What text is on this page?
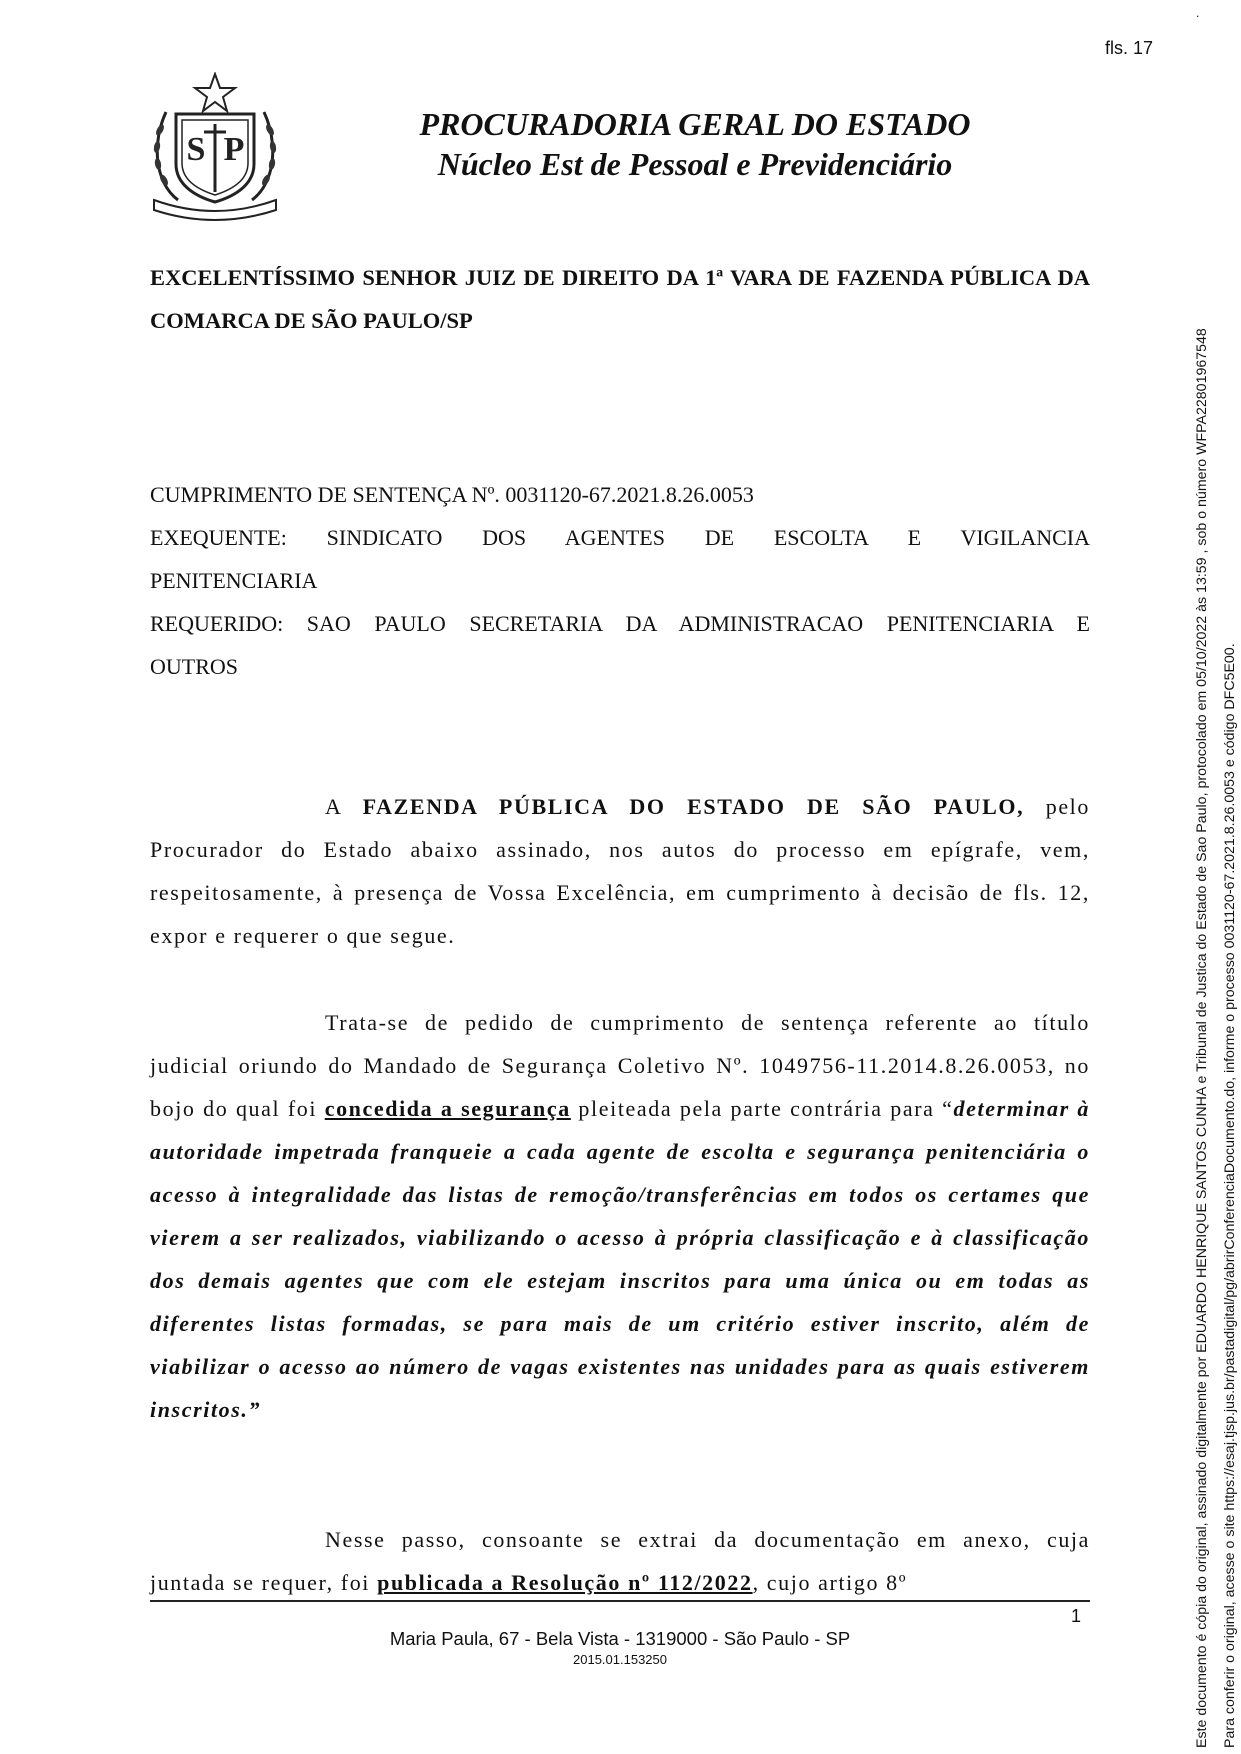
fls. 17
S P
PROCURADORIA GERAL DO ESTADO
Núcleo Est de Pessoal e Previdenciário
EXCELENTÍSSIMO SENHOR JUIZ DE DIREITO DA 1ª VARA DE FAZENDA PÚBLICA DA COMARCA DE SÃO PAULO/SP
CUMPRIMENTO DE SENTENÇA Nº. 0031120-67.2021.8.26.0053
EXEQUENTE: SINDICATO DOS AGENTES DE ESCOLTA E VIGILANCIA
PENITENCIARIA
REQUERIDO: SAO PAULO SECRETARIA DA ADMINISTRACAO PENITENCIARIA E
OUTROS
A FAZENDA PÚBLICA DO ESTADO DE SÃO PAULO, pelo Procurador do Estado abaixo assinado, nos autos do processo em epígrafe, vem, respeitosamente, à presença de Vossa Excelência, em cumprimento à decisão de fls. 12, expor e requerer o que segue.
Trata-se de pedido de cumprimento de sentença referente ao título judicial oriundo do Mandado de Segurança Coletivo Nº. 1049756-11.2014.8.26.0053, no bojo do qual foi concedida a segurança pleiteada pela parte contrária para “determinar à autoridade impetrada franqueie a cada agente de escolta e segurança penitenciária o acesso à integralidade das listas de remoção/transferências em todos os certames que vierem a ser realizados, viabilizando o acesso à própria classificação e à classificação dos demais agentes que com ele estejam inscritos para uma única ou em todas as diferentes listas formadas, se para mais de um critério estiver inscrito, além de viabilizar o acesso ao número de vagas existentes nas unidades para as quais estiverem inscritos.”
Nesse passo, consoante se extrai da documentação em anexo, cuja juntada se requer, foi publicada a Resolução nº 112/2022, cujo artigo 8º
1
Maria Paula, 67 - Bela Vista - 1319000 - São Paulo - SP
2015.01.153250
.
Este documento é cópia do original, assinado digitalmente por EDUARDO HENRIQUE SANTOS CUNHA e Tribunal de Justica do Estado de Sao Paulo, protocolado em 05/10/2022 às 13:59 , sob o número WFPA22801967548 Para conferir o original, acesse o site https://esaj.tjsp.jus.br/pastadigital/pg/abrirConferenciaDocumento.do, informe o processo 0031120-67.2021.8.26.0053 e código DFC5E00.
